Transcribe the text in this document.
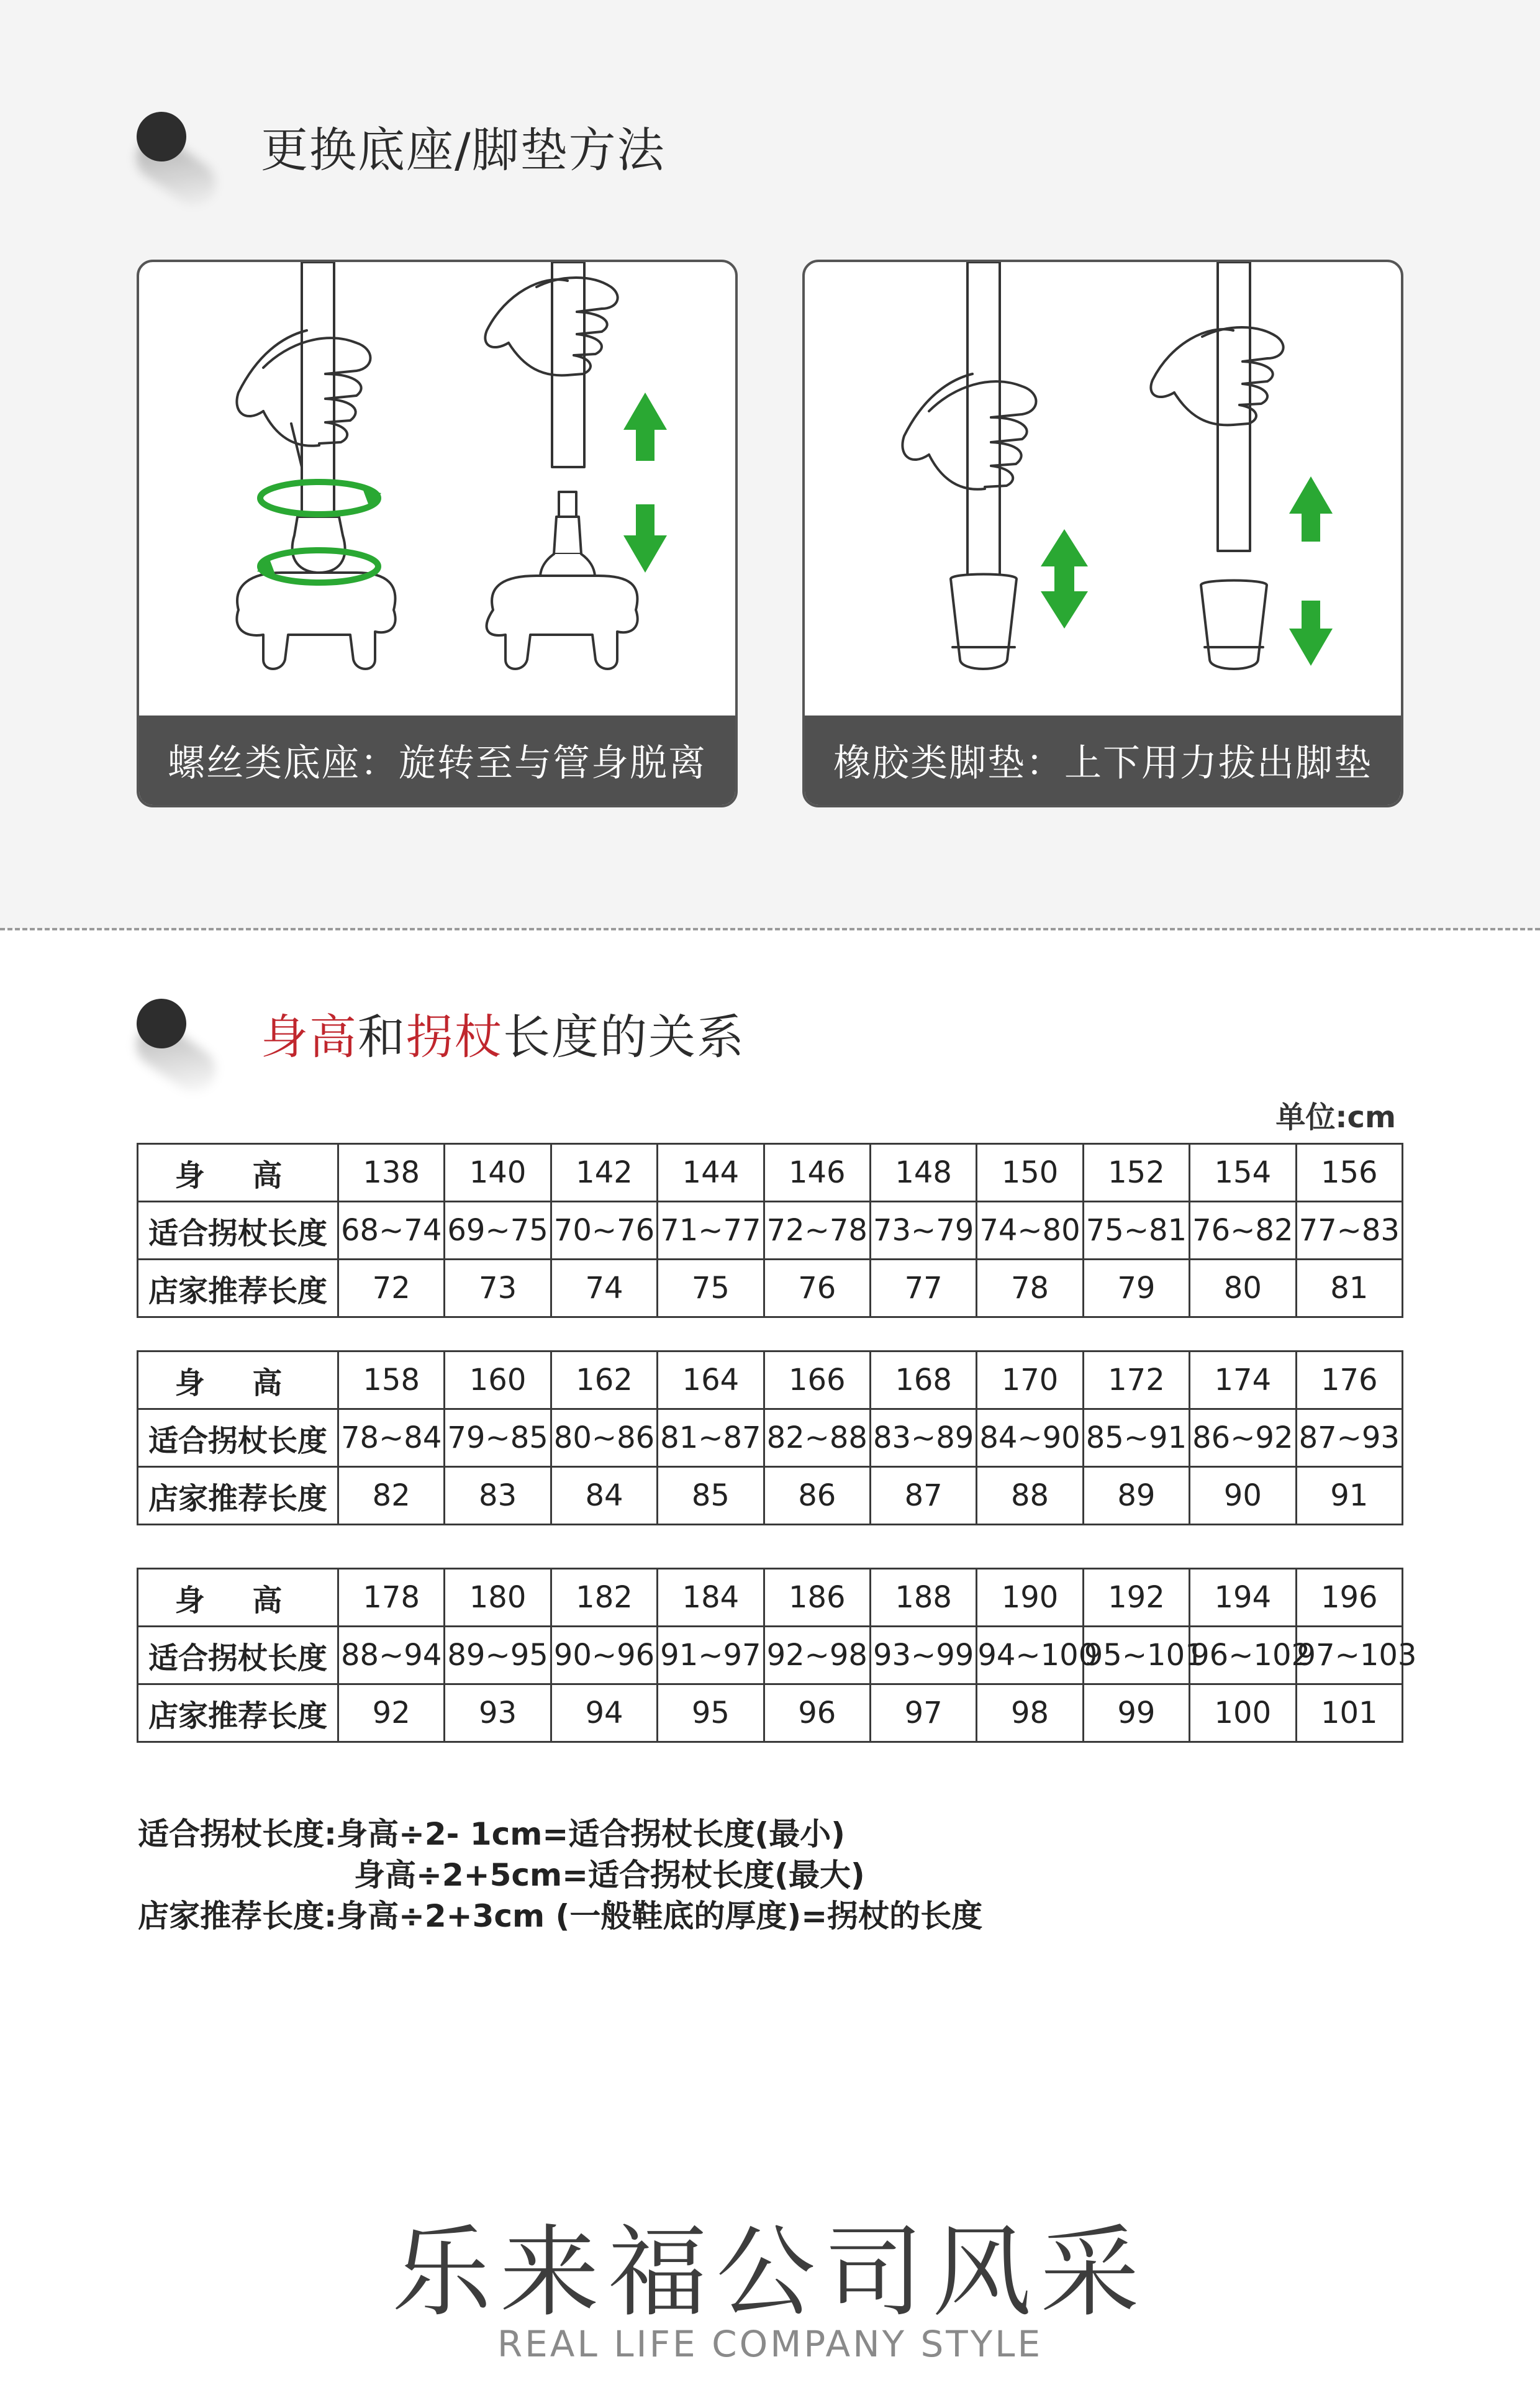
更换底座/脚垫方法
螺丝类底座：旋转至与管身脱离	橡胶类脚垫：上下用力拔出脚垫
身高和拐杖长度的关系
单位:cm
身 高	138	140	142	144	146	148	150	152	154	156
适合拐杖长度	68~74	69~75	70~76	71~77	72~78	73~79	74~80	75~81	76~82	77~83
店家推荐长度	72	73	74	75	76	77	78	79	80	81
身 高	158	160	162	164	166	168	170	172	174	176
适合拐杖长度	78~84	79~85	80~86	81~87	82~88	83~89	84~90	85~91	86~92	87~93
店家推荐长度	82	83	84	85	86	87	88	89	90	91
身 高	178	180	182	184	186	188	190	192	194	196
适合拐杖长度	88~94	89~95	90~96	91~97	92~98	93~99	94~100	95~101	96~102	97~103
店家推荐长度	92	93	94	95	96	97	98	99	100	101
适合拐杖长度:身高÷2- 1cm=适合拐杖长度(最小)
身高÷2+5cm=适合拐杖长度(最大)
店家推荐长度:身高÷2+3cm (一般鞋底的厚度)=拐杖的长度
乐来福公司风采
REAL LIFE COMPANY STYLE
